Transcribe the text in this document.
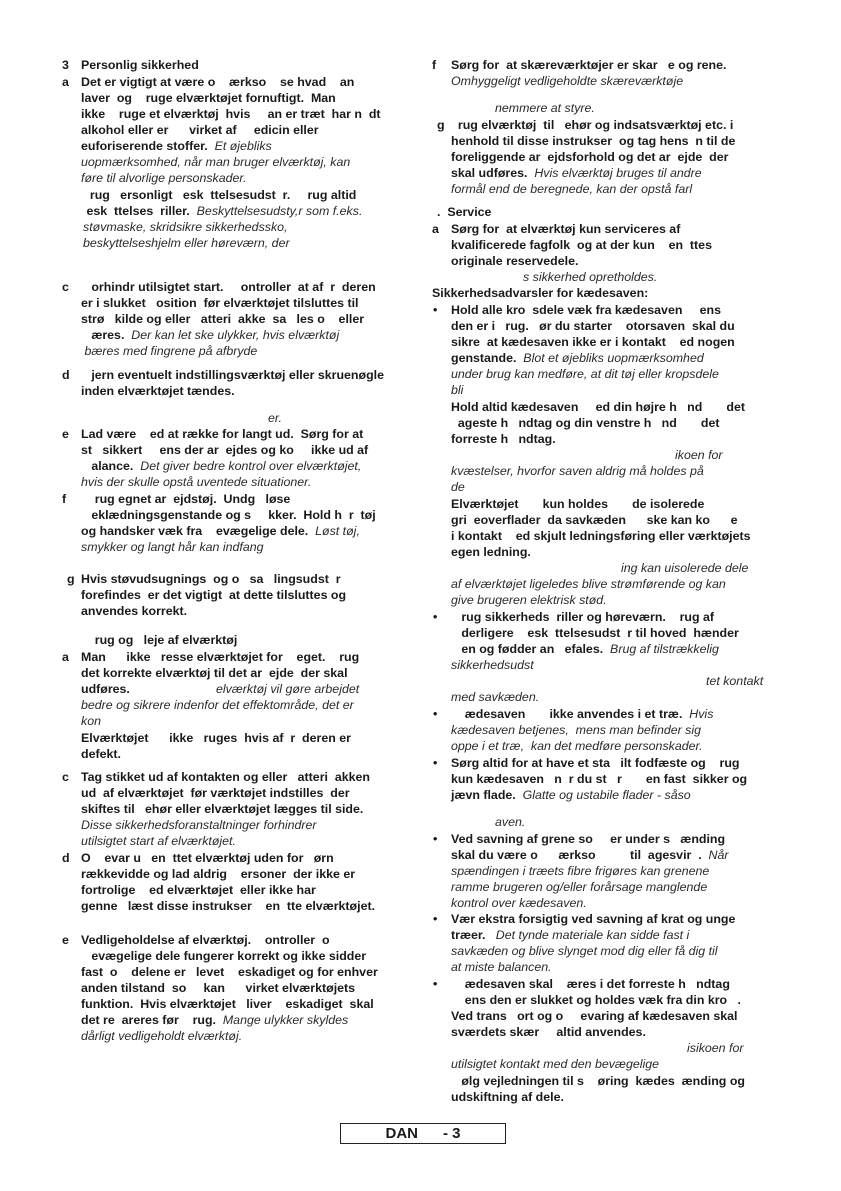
3 Personlig sikkerhed
a Det er vigtigt at være o    ærkso    se hvad    an
laver  og    ruge elværktøjet fornuftigt.  Man
ikke    ruge et elværktøj  hvis     an er træt  har n  dt
alkohol eller er      virket af     edicin eller
euforiserende stoffer.  Et øjebliks
uopmærksomhed, når man bruger elværktøj, kan
føre til alvorlige personskader.
rug   ersonligt   esk  ttelsesudst  r.     rug altid
esk  ttelses  riller.  Beskyttelsesudsty,r som f.eks.
støvmaske, skridsikre sikkerhedssko,
beskyttelseshjelm eller høreværn, der
c orhindr utilsigtet start.     ontroller  at af  r  deren
er i slukket   osition  før elværktøjet tilsluttes til
strø   kilde og eller   atteri  akke  sa   les o    eller
æres.  Der kan let ske ulykker, hvis elværktøj
bæres med fingrene på afbryde
d jern eventuelt indstillingsværktøj eller skruenøgle
inden elværktøjet tændes.
er.
e Lad være    ed at række for langt ud.  Sørg for at
st   sikkert     ens der ar  ejdes og ko     ikke ud af
alance.  Det giver bedre kontrol over elværktøjet,
hvis der skulle opstå uventede situationer.
f rug egnet ar  ejdstøj.  Undg   løse
eklædningsgenstande og s     kker.  Hold h  r  tøj
og handsker væk fra    evægelige dele.  Løst tøj,
smykker og langt hår kan indfang
g Hvis støvudsugnings  og o   sa   lingsudst  r
forefindes  er det vigtigt  at dette tilsluttes og
anvendes korrekt.
rug og   leje af elværktøj
a Man      ikke   resse elværktøjet for    eget.    rug
det korrekte elværktøj til det ar  ejde  der skal
udføres.                         elværktøj vil gøre arbejdet
bedre og sikrere indenfor det effektområde, det er
kon
Elværktøjet      ikke   ruges  hvis af  r  deren er
defekt.
c Tag stikket ud af kontakten og eller   atteri  akken
ud  af elværktøjet  før værktøjet indstilles  der
skiftes til   ehør eller elværktøjet lægges til side.
Disse sikkerhedsforanstaltninger forhindrer
utilsigtet start af elværktøjet.
d O    evar u   en  ttet elværktøj uden for   ørn
rækkevidde og lad aldrig    ersoner  der ikke er
fortrolige    ed elværktøjet  eller ikke har
genne   læst disse instrukser    en  tte elværktøjet.
e Vedligeholdelse af elværktøj.    ontroller  o
evægelige dele fungerer korrekt og ikke sidder
fast  o    delene er   levet    eskadiget og for enhver
anden tilstand  so     kan      virket elværktøjets
funktion.  Hvis elværktøjet   liver    eskadiget  skal
det re  areres før    rug.  Mange ulykker skyldes
dårligt vedligeholdt elværktøj.
f Sørg for  at skæreværktøjer er skar   e og rene.
Omhyggeligt vedligeholdte skæreværktøje
nemmere at styre.
g rug elværktøj  til   ehør og indsatsværktøj etc. i
henhold til disse instrukser  og tag hens  n til de
foreliggende ar  ejdsforhold og det ar  ejde  der
skal udføres.  Hvis elværktøj bruges til andre
formål end de beregnede, kan der opstå farl
.  Service
a Sørg for  at elværktøj kun serviceres af
kvalificerede fagfolk  og at der kun    en  ttes
originale reservedele.
s sikkerhed opretholdes.
Sikkerhedsadvarsler for kædesaven:
• Hold alle kro  sdele væk fra kædesaven     ens
den er i   rug.   ør du starter    otorsaven  skal du
sikre  at kædesaven ikke er i kontakt    ed nogen
genstande.  Blot et øjebliks uopmærksomhed
under brug kan medføre, at dit tøj eller kropsdele
bli
Hold altid kædesaven     ed din højre h   nd       det
ageste h   ndtag og din venstre h   nd       det
forreste h   ndtag.
ikoen for
kvæstelser, hvorfor saven aldrig må holdes på
de
Elværktøjet       kun holdes       de isolerede
gri  eoverflader  da savkæden      ske kan ko      e
i kontakt    ed skjult ledningsføring eller værktøjets
egen ledning.
ing kan uisolerede dele
af elværktøjet ligeledes blive strømførende og kan
give brugeren elektrisk stød.
• rug sikkerheds  riller og høreværn.    rug af
derligere    esk  ttelsesudst  r til hoved  hænder
en og fødder an   efales.  Brug af tilstrækkelig
sikkerhedsudst
tet kontakt
med savkæden.
• ædesaven       ikke anvendes i et træ.  Hvis
kædesaven betjenes,  mens man befinder sig
oppe i et træ,  kan det medføre personskader.
• Sørg altid for at have et sta   ilt fodfæste og    rug
kun kædesaven   n  r du st   r       en fast  sikker og
jævn flade.  Glatte og ustabile flader - såso
aven.
• Ved savning af grene so     er under s   ænding
skal du være o      ærkso          til  agesvir  .  Når
spændingen i træets fibre frigøres kan grenene
ramme brugeren og/eller forårsage manglende
kontrol over kædesaven.
• Vær ekstra forsigtig ved savning af krat og unge
træer.   Det tynde materiale kan sidde fast i
savkæden og blive slynget mod dig eller få dig til
at miste balancen.
• ædesaven skal    æres i det forreste h   ndtag
ens den er slukket og holdes væk fra din kro   .
Ved trans   ort og o     evaring af kædesaven skal
sværdets skær     altid anvendes.
isikoen for
utilsigtet kontakt med den bevægelige
ølg vejledningen til s    øring  kædes  ænding og
udskiftning af dele.
DAN      - 3
